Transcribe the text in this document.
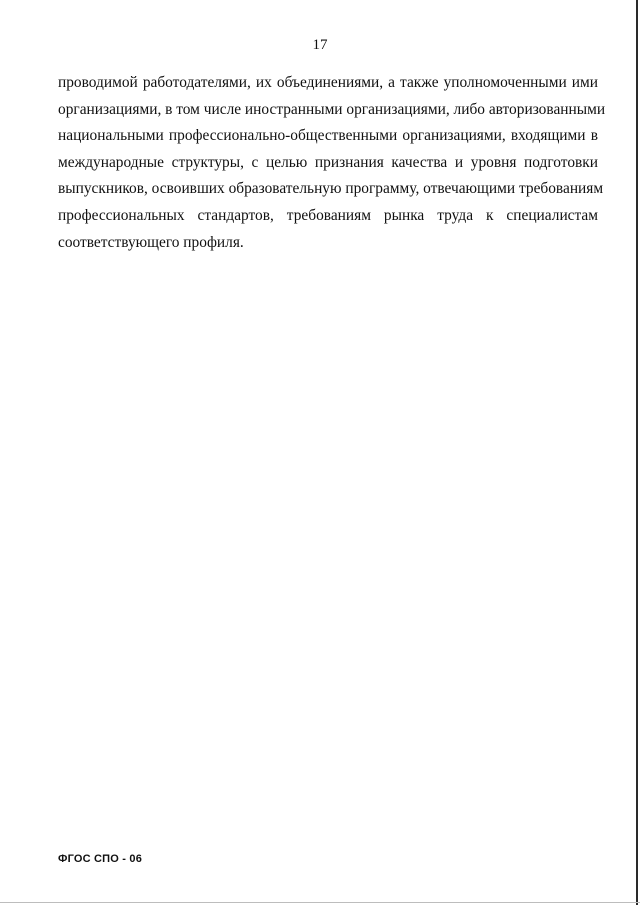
17
проводимой работодателями, их объединениями, а также уполномоченными ими
организациями, в том числе иностранными организациями, либо авторизованными
национальными профессионально-общественными организациями, входящими в
международные структуры, с целью признания качества и уровня подготовки
выпускников, освоивших образовательную программу, отвечающими требованиям
профессиональных стандартов, требованиям рынка труда к специалистам
соответствующего профиля.
ФГОС СПО - 06
